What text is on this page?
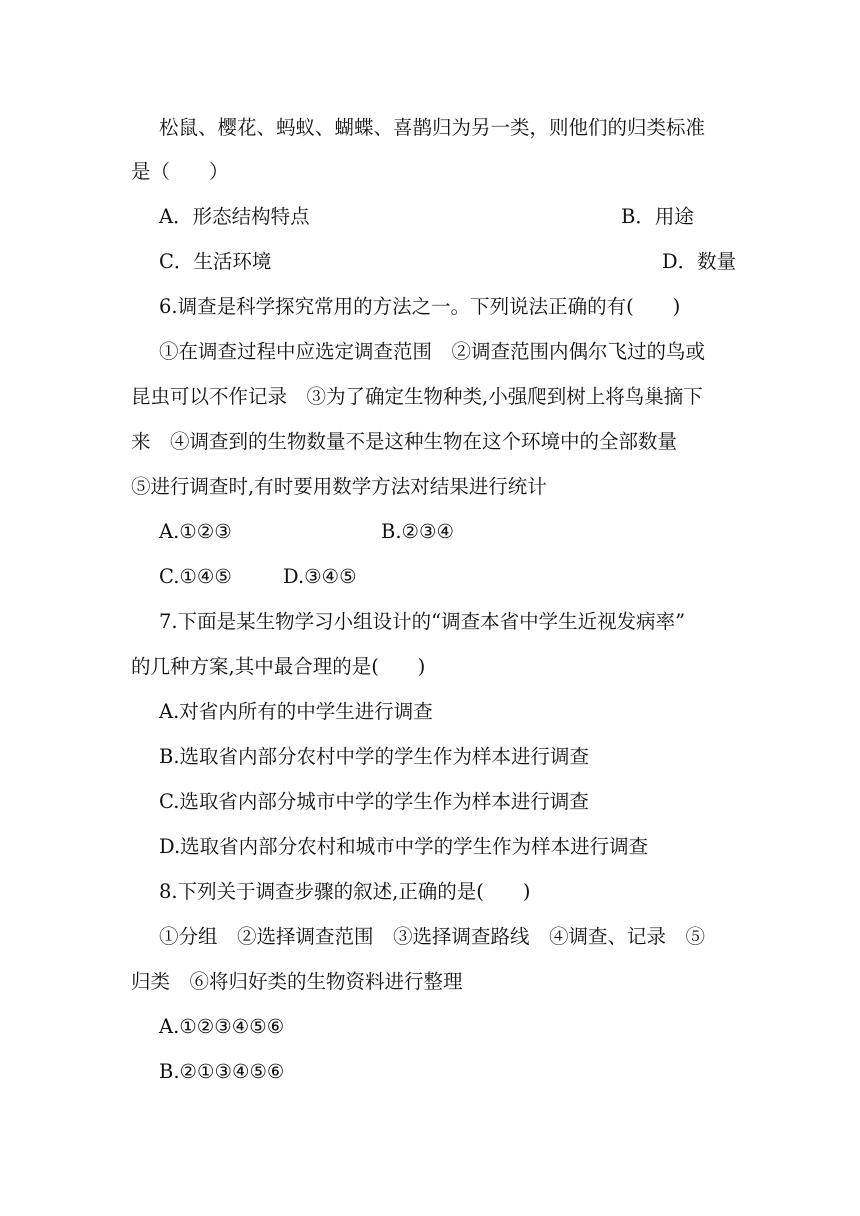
松鼠、樱花、蚂蚁、蝴蝶、喜鹊归为另一类，则他们的归类标准
是（　　）
A．形态结构特点	B．用途
C．生活环境	D．数量
6.调查是科学探究常用的方法之一。下列说法正确的有(　　)
①在调查过程中应选定调查范围　②调查范围内偶尔飞过的鸟或
昆虫可以不作记录　③为了确定生物种类,小强爬到树上将鸟巢摘下
来　④调查到的生物数量不是这种生物在这个环境中的全部数量
⑤进行调查时,有时要用数学方法对结果进行统计
A.①②③	B.②③④
C.①④⑤	D.③④⑤
7.下面是某生物学习小组设计的“调查本省中学生近视发病率”
的几种方案,其中最合理的是(　　)
A.对省内所有的中学生进行调查
B.选取省内部分农村中学的学生作为样本进行调查
C.选取省内部分城市中学的学生作为样本进行调查
D.选取省内部分农村和城市中学的学生作为样本进行调查
8.下列关于调查步骤的叙述,正确的是(　　)
①分组　②选择调查范围　③选择调查路线　④调查、记录　⑤
归类　⑥将归好类的生物资料进行整理
A.①②③④⑤⑥
B.②①③④⑤⑥
